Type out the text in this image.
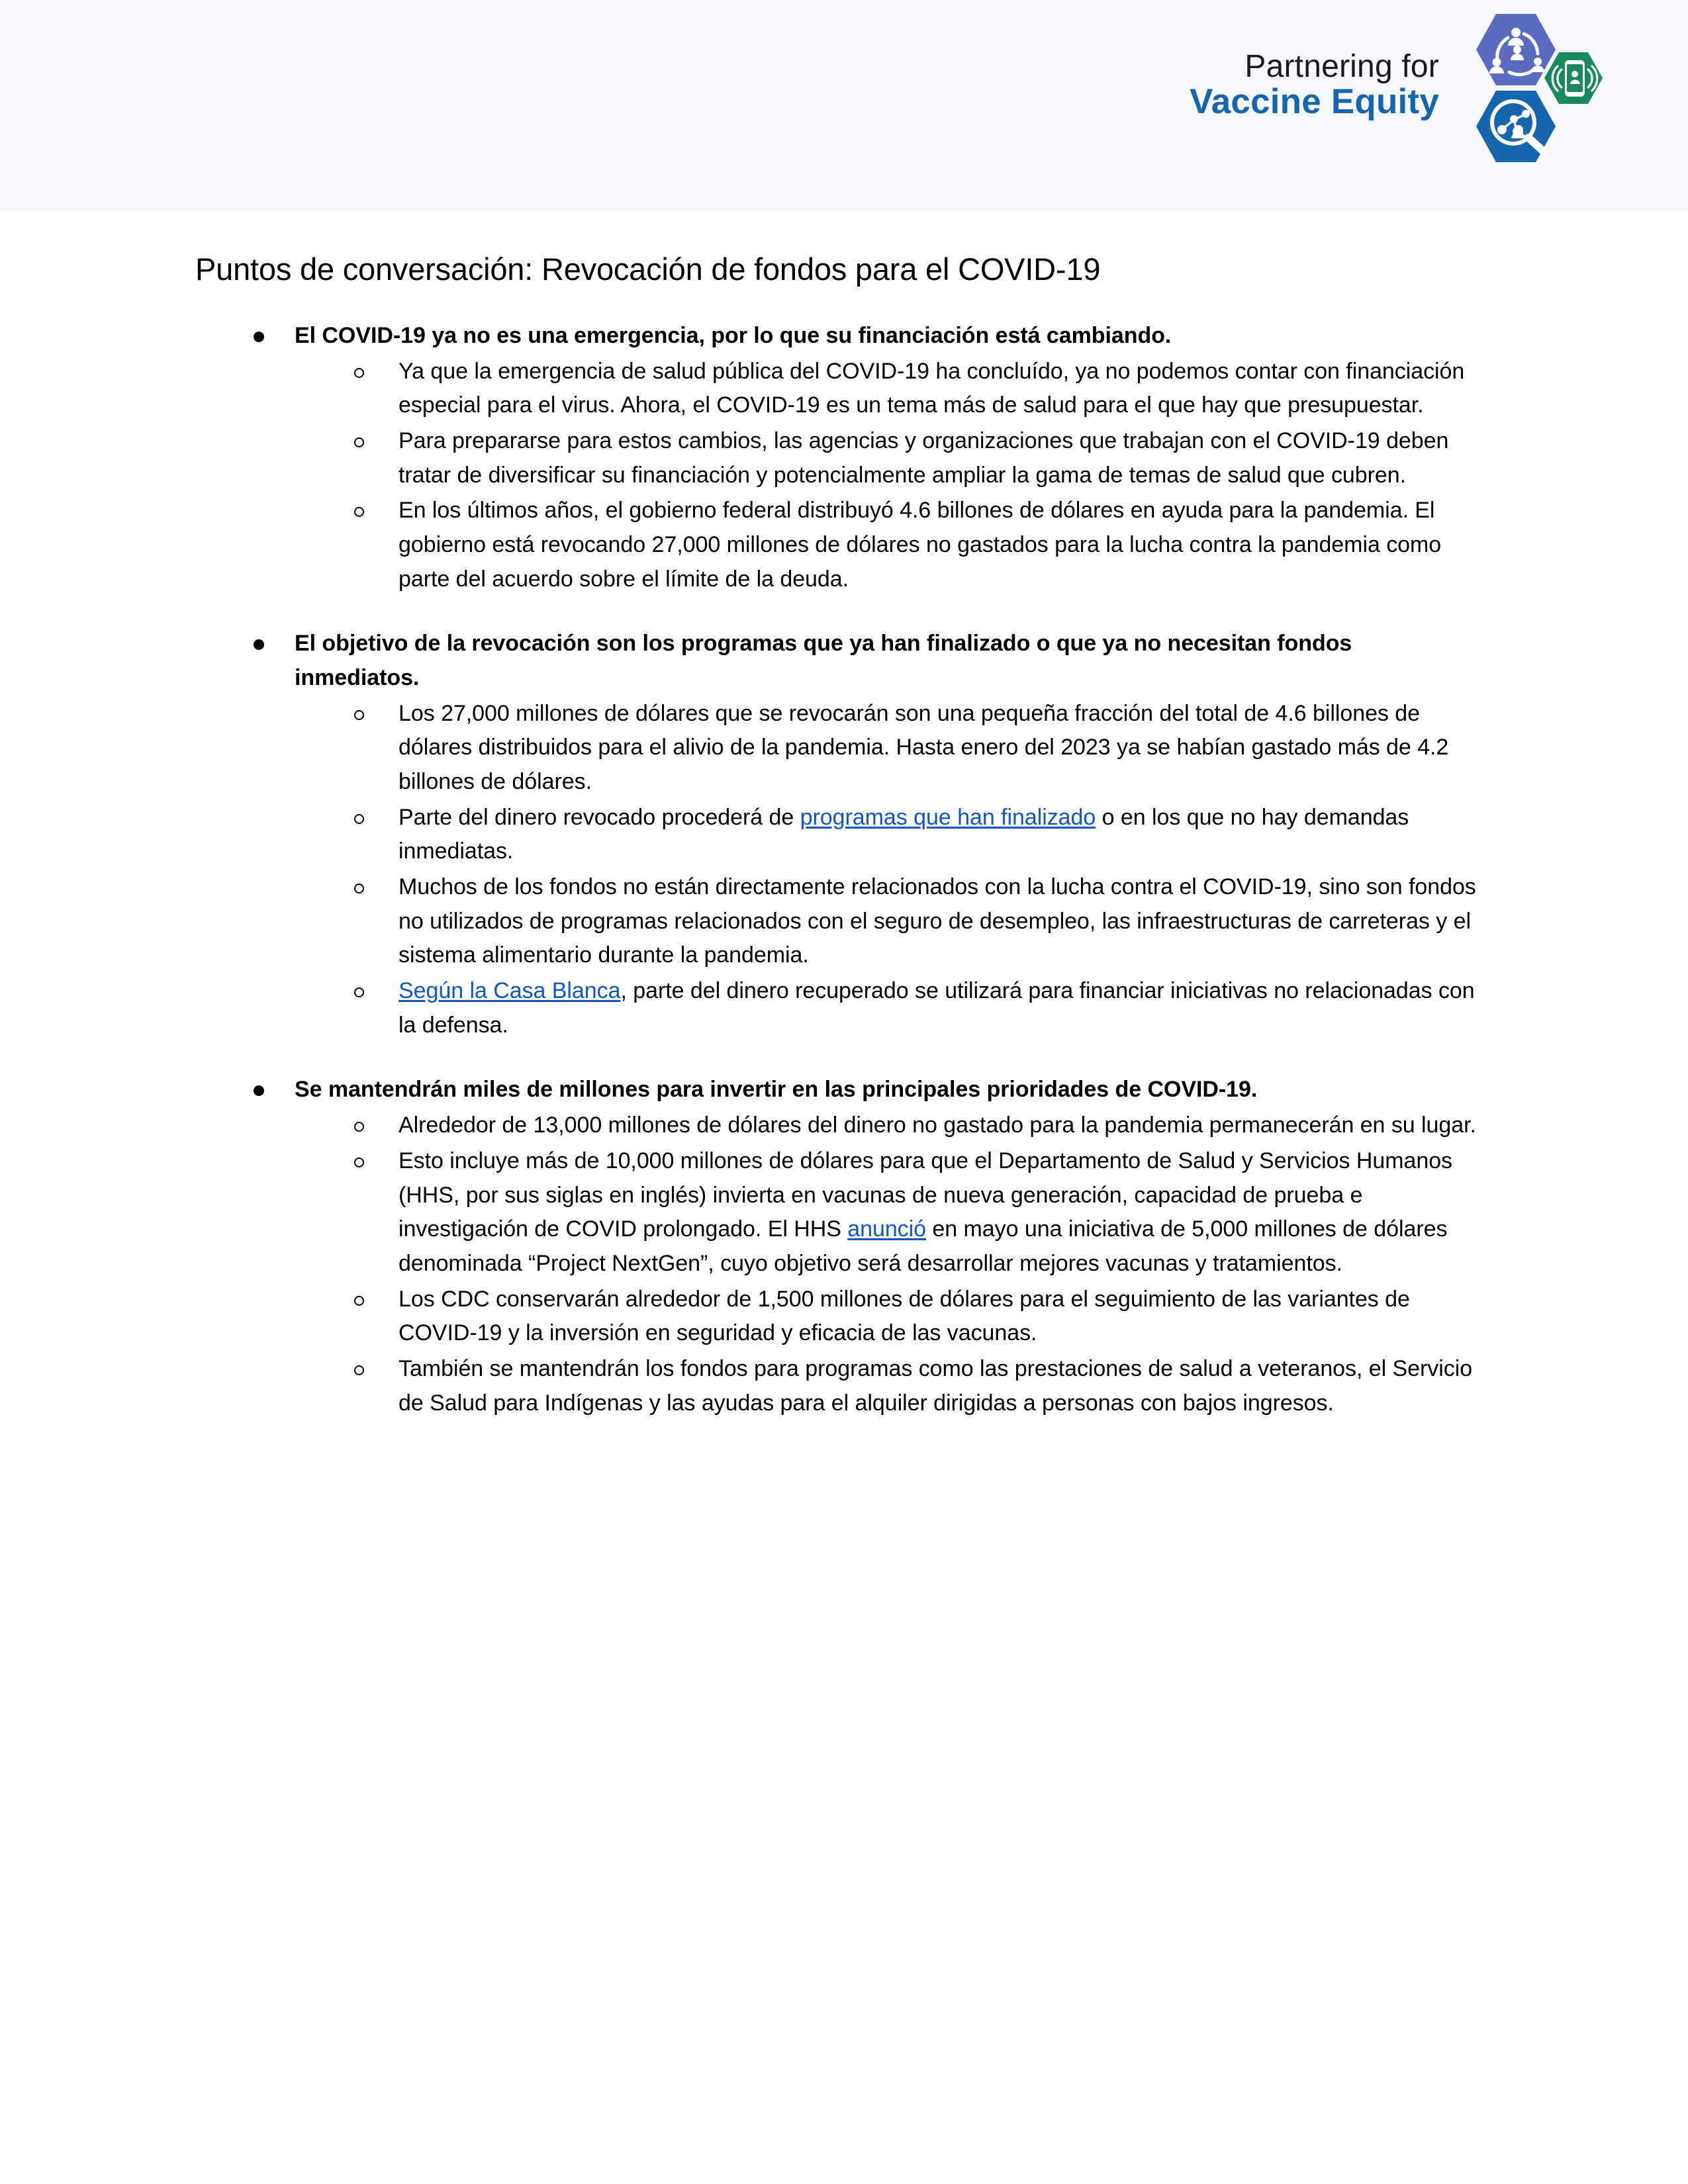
Partnering for
Vaccine Equity
Puntos de conversación: Revocación de fondos para el COVID-19
El COVID-19 ya no es una emergencia, por lo que su financiación está cambiando.
Ya que la emergencia de salud pública del COVID-19 ha concluído, ya no podemos contar con financiación especial para el virus. Ahora, el COVID-19 es un tema más de salud para el que hay que presupuestar.
Para prepararse para estos cambios, las agencias y organizaciones que trabajan con el COVID-19 deben tratar de diversificar su financiación y potencialmente ampliar la gama de temas de salud que cubren.
En los últimos años, el gobierno federal distribuyó 4.6 billones de dólares en ayuda para la pandemia. El gobierno está revocando 27,000 millones de dólares no gastados para la lucha contra la pandemia como parte del acuerdo sobre el límite de la deuda.
El objetivo de la revocación son los programas que ya han finalizado o que ya no necesitan fondos inmediatos.
Los 27,000 millones de dólares que se revocarán son una pequeña fracción del total de 4.6 billones de dólares distribuidos para el alivio de la pandemia. Hasta enero del 2023 ya se habían gastado más de 4.2 billones de dólares.
Parte del dinero revocado procederá de programas que han finalizado o en los que no hay demandas inmediatas.
Muchos de los fondos no están directamente relacionados con la lucha contra el COVID-19, sino son fondos no utilizados de programas relacionados con el seguro de desempleo, las infraestructuras de carreteras y el sistema alimentario durante la pandemia.
Según la Casa Blanca, parte del dinero recuperado se utilizará para financiar iniciativas no relacionadas con la defensa.
Se mantendrán miles de millones para invertir en las principales prioridades de COVID-19.
Alrededor de 13,000 millones de dólares del dinero no gastado para la pandemia permanecerán en su lugar.
Esto incluye más de 10,000 millones de dólares para que el Departamento de Salud y Servicios Humanos (HHS, por sus siglas en inglés) invierta en vacunas de nueva generación, capacidad de prueba e investigación de COVID prolongado. El HHS anunció en mayo una iniciativa de 5,000 millones de dólares denominada “Project NextGen”, cuyo objetivo será desarrollar mejores vacunas y tratamientos.
Los CDC conservarán alrededor de 1,500 millones de dólares para el seguimiento de las variantes de COVID-19 y la inversión en seguridad y eficacia de las vacunas.
También se mantendrán los fondos para programas como las prestaciones de salud a veteranos, el Servicio de Salud para Indígenas y las ayudas para el alquiler dirigidas a personas con bajos ingresos.
